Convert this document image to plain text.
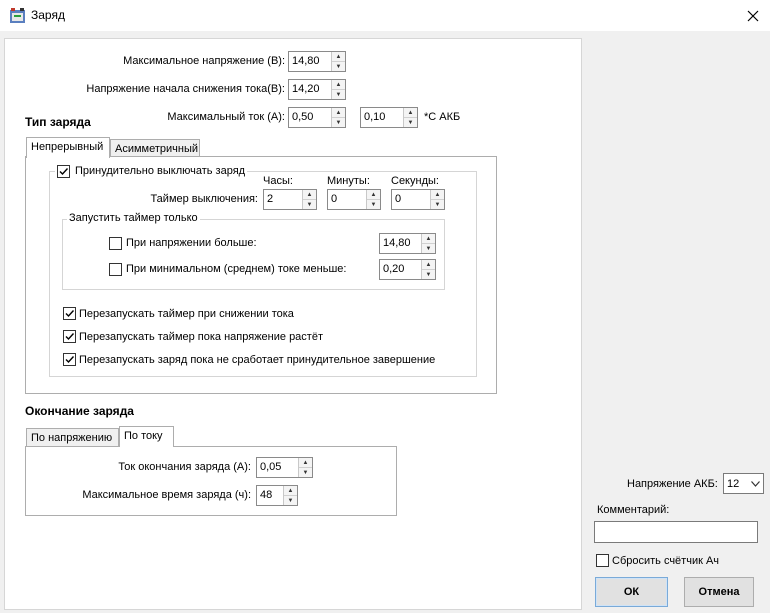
Заряд
Максимальное напряжение (В): 14,80	▲
▼
Напряжение начала снижения тока(В): 14,20	▲
▼
Максимальный ток (А): 0,50	▲
▼	0,10	▲
▼ *С АКБ
Тип заряда
Непрерывный	Асимметричный
Принудительно выключать заряд
Часы:	Минуты: Секунды:
Таймер выключения: 2	▲
▼	0	▲
▼	0	▲
▼
Запустить таймер только
При напряжении больше:	14,80	▲
▼
При минимальном (среднем) токе меньше:	0,20	▲
▼
Перезапускать таймер при снижении тока
Перезапускать таймер пока напряжение растёт
Перезапускать заряд пока не сработает принудительное завершение
Окончание заряда
По напряжению	По току
Ток окончания заряда (А): 0,05	▲
▼
Максимальное время заряда (ч): 48	▲
▼
Напряжение АКБ: 12
Комментарий:
Сбросить счётчик Ач
ОК	Отмена
